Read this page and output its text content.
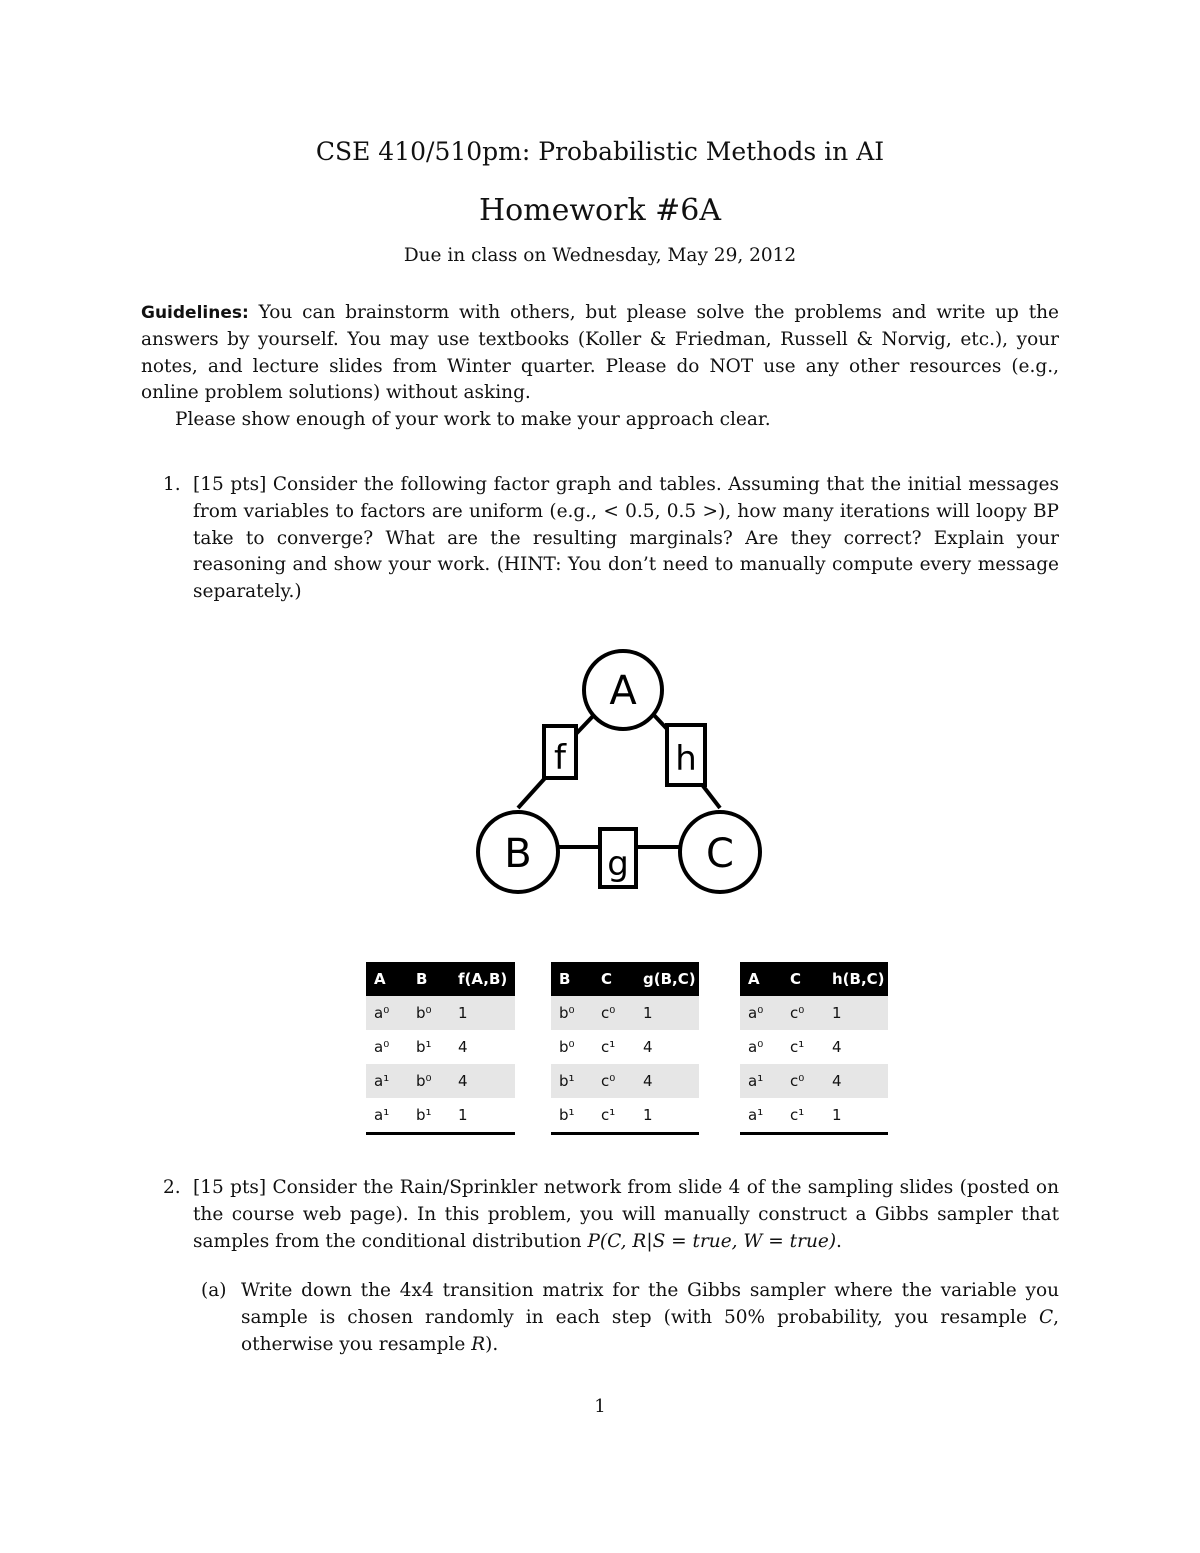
CSE 410/510pm: Probabilistic Methods in AI
Homework #6A
Due in class on Wednesday, May 29, 2012
Guidelines: You can brainstorm with others, but please solve the problems and write up the answers by yourself. You may use textbooks (Koller & Friedman, Russell & Norvig, etc.), your notes, and lecture slides from Winter quarter. Please do NOT use any other resources (e.g., online problem solutions) without asking.
Please show enough of your work to make your approach clear.
1. [15 pts] Consider the following factor graph and tables. Assuming that the initial messages from variables to factors are uniform (e.g., < 0.5, 0.5 >), how many iterations will loopy BP take to converge? What are the resulting marginals? Are they correct? Explain your reasoning and show your work. (HINT: You don’t need to manually compute every message separately.)
A
B	C
f
g
h
A	B	f(A,B)
a⁰	b⁰	1
a⁰	b¹	4
a¹	b⁰	4
a¹	b¹	1
B	C	g(B,C)
b⁰	c⁰	1
b⁰	c¹	4
b¹	c⁰	4
b¹	c¹	1
A	C	h(B,C)
a⁰	c⁰	1
a⁰	c¹	4
a¹	c⁰	4
a¹	c¹	1
2. [15 pts] Consider the Rain/Sprinkler network from slide 4 of the sampling slides (posted on the course web page). In this problem, you will manually construct a Gibbs sampler that samples from the conditional distribution P(C, R|S = true, W = true).
(a) Write down the 4x4 transition matrix for the Gibbs sampler where the variable you sample is chosen randomly in each step (with 50% probability, you resample C, otherwise you resample R).
1
